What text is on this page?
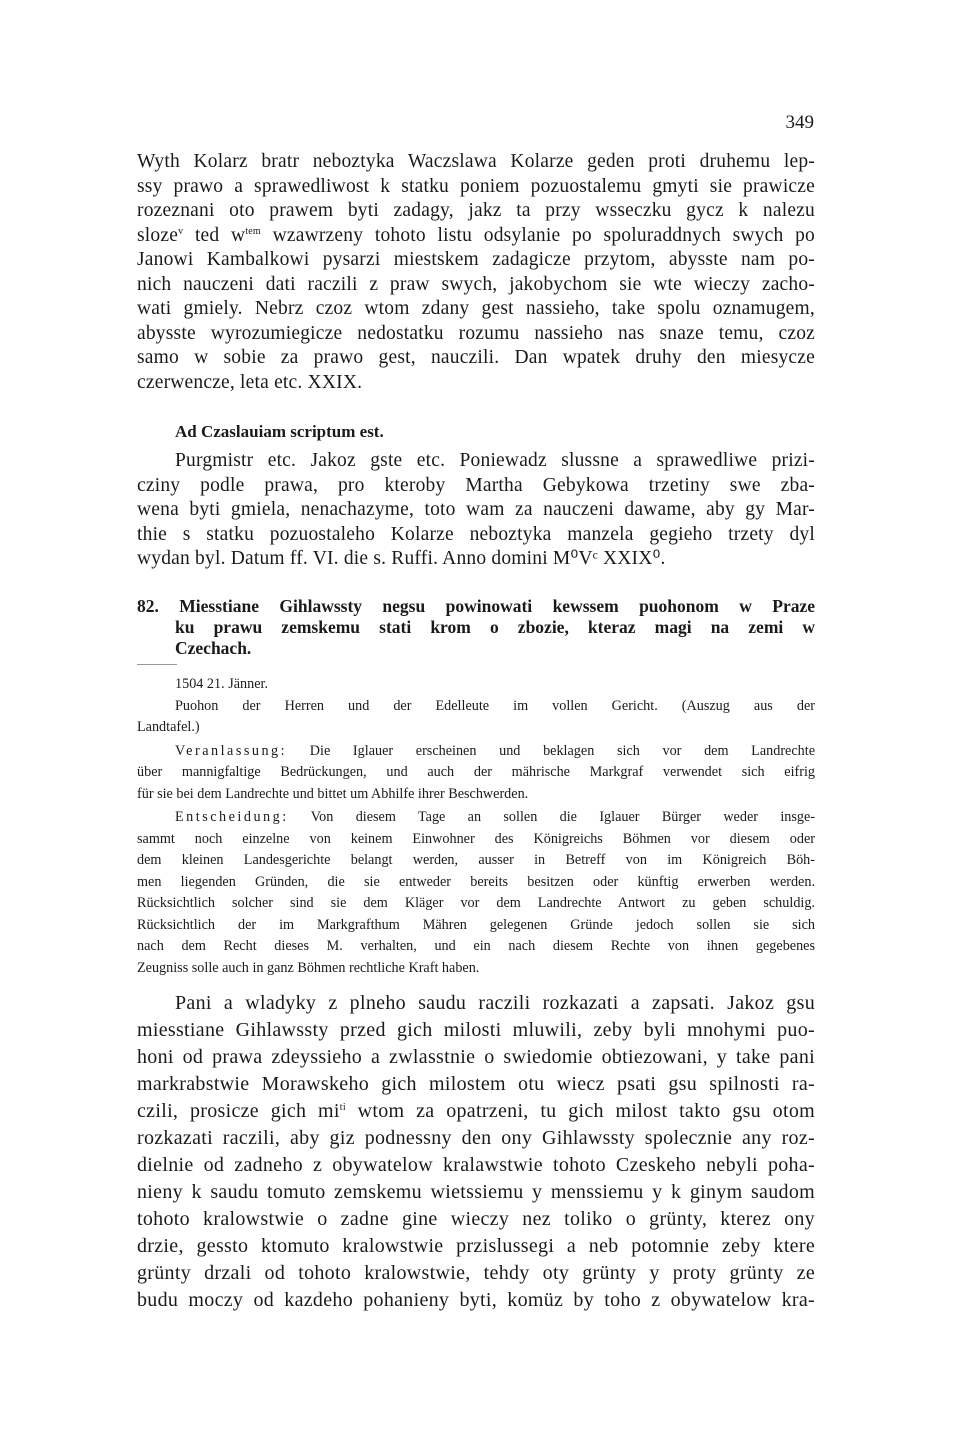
349
Wyth Kolarz bratr neboztyka Waczslawa Kolarze geden proti druhemu lep-
ssy prawo a sprawedliwost k statku poniem pozuostalemu gmyti sie prawicze
rozeznani oto prawem byti zadagy, jakz ta przy wsseczku gycz k nalezu
sloze$^v$ ted $w^{tem}$ wzawrzeny tohoto listu odsylanie po spoluraddnych swych po
Janowi Kambalkowi pysarzi miestskem zadagicze przytom, abysste nam po-
nich nauczeni dati raczili z praw swych, jakobychom sie wte wieczy zacho-
wati gmiely. Nebrz czoz wtom zdany gest nassieho, take spolu oznamugem,
abysste wyrozumiegicze nedostatku rozumu nassieho nas snaze temu, czoz
samo w sobie za prawo gest, nauczili. Dan wpatek druhy den miesycze
czerwencze, leta etc. XXIX.
Ad Czaslauiam scriptum est.
Purgmistr etc. Jakoz gste etc. Poniewadz slussne a sprawedliwe prizi-
cziny podle prawa, pro kteroby Martha Gebykowa trzetiny swe zba-
wena byti gmiela, nenachazyme, toto wam za nauczeni dawame, aby gy Mar-
thie s statku pozuostaleho Kolarze neboztyka manzela gegieho trzety dyl
wydan byl. Datum ff. VI. die s. Ruffi. Anno domini M⁰Vᶜ XXIX⁰.
82. Miesstiane Gihlawssty negsu powinowati kewssem puohonom w Praze
ku prawu zemskemu stati krom o zbozie, kteraz magi na zemi w
Czechach.
1504 21. Jänner.
Puohon der Herren und der Edelleute im vollen Gericht. (Auszug aus der
Landtafel.)
Veranlassung: Die Iglauer erscheinen und beklagen sich vor dem Landrechte
über mannigfaltige Bedrückungen, und auch der mährische Markgraf verwendet sich eifrig
für sie bei dem Landrechte und bittet um Abhilfe ihrer Beschwerden.
Entscheidung: Von diesem Tage an sollen die Iglauer Bürger weder insge-
sammt noch einzelne von keinem Einwohner des Königreichs Böhmen vor diesem oder
dem kleinen Landesgerichte belangt werden, ausser in Betreff von im Königreich Böh-
men liegenden Gründen, die sie entweder bereits besitzen oder künftig erwerben werden.
Rücksichtlich solcher sind sie dem Kläger vor dem Landrechte Antwort zu geben schuldig.
Rücksichtlich der im Markgrafthum Mähren gelegenen Gründe jedoch sollen sie sich
nach dem Recht dieses M. verhalten, und ein nach diesem Rechte von ihnen gegebenes
Zeugniss solle auch in ganz Böhmen rechtliche Kraft haben.
Pani a wladyky z plneho saudu raczili rozkazati a zapsati. Jakoz gsu
miesstiane Gihlawssty przed gich milosti mluwili, zeby byli mnohymi puo-
honi od prawa zdeyssieho a zwlasstnie o swiedomie obtiezowani, y take pani
markrabstwie Morawskeho gich milostem otu wiecz psati gsu spilnosti ra-
czili, prosicze gich $mi^{ti}$ wtom za opatrzeni, tu gich milost takto gsu otom
rozkazati raczili, aby giz podnessny den ony Gihlawssty spolecznie any roz-
dielnie od zadneho z obywatelow kralawstwie tohoto Czeskeho nebyli poha-
nieny k saudu tomuto zemskemu wietssiemu y menssiemu y k ginym saudom
tohoto kralowstwie o zadne gine wieczy nez toliko o grünty, kterez ony
drzie, gessto ktomuto kralowstwie przislussegi a neb potomnie zeby ktere
grünty drzali od tohoto kralowstwie, tehdy oty grünty y proty grünty ze
budu moczy od kazdeho pohanieny byti, komüz by toho z obywatelow kra-
